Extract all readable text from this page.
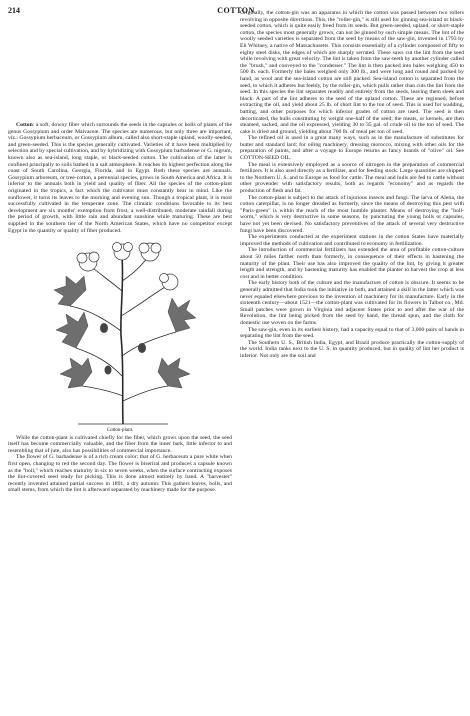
214	COTTON

Cotton: a soft, downy fiber which surrounds the seeds in the capsules or bolls of plants of the genus Gossypium and order Malvaceæ. The species are numerous, but only three are important, viz.: Gossypium herbaceum, or Gossypium album, called also short-staple upland, woolly-seeded, and green-seeded. This is the species generally cultivated. Varieties of it have been multiplied by selection and by special cultivation, and by hybridizing with Gossypium barbadense or G. nigrum, known also as sea-island, long staple, or black-seeded cotton. The cultivation of the latter is confined principally to soils bathed in a salt atmosphere. It reaches its highest perfection along the coast of South Carolina, Georgia, Florida, and in Egypt. Both these species are annuals. Gossypium arboreum, or tree-cotton, a perennial species, grows in South America and Africa. It is inferior to the annuals both in yield and quality of fiber. All the species of the cotton-plant originated in the tropics, a fact which the cultivator must constantly bear in mind. Like the sunflower, it turns its leaves to the morning and evening sun. Though a tropical plant, it is most successfully cultivated in the temperate zone. The climatic conditions favorable to its best development are six months' exemption from frost, a well-distributed, moderate rainfall during the period of growth, with little rain and abundant sunshine while maturing. These are best supplied in the southern tier of the North American States, which have no competitor except Egypt in the quantity or quality of fiber produced.

Cotton-plant.

While the cotton-plant is cultivated chiefly for the fiber, which grows upon the seed, the seed itself has become commercially valuable, and the fiber from the inner bark, little inferior to and resembling that of jute, also has possibilities of commercial importance.

The flower of G. barbadense is of a rich cream color; that of G. herbaceum a pure white when first open, changing to red the second day. The flower is biseriral and produces a capsule known as the "boll," which reaches maturity in six to seven weeks, when the surface contracting exposes the lint-covered seed ready for picking. This is done almost entirely by hand. A "harvester" recently invented attained partial success in 1891, a dry autumn. This gathers leaves, bolls, and small stems, from which the lint is afterward separated by machinery made for the purpose.

Originally, the cotton-gin was an apparatus in which the cotton was passed between two rollers revolving in opposite directions. This, the "roller-gin," is still used for ginning sea-island or black-seeded cotton, which is quite easily freed from its seeds. But green-seeded, upland, or short-staple cotton, the species most generally grown, can not be ginned by such simple means. The lint of the woolly seeded varieties is separated from the seed by means of the saw-gin, invented in 1793 by Eli Whitney, a native of Massachusetts. This consists essentially of a cylinder composed of fifty to eighty steel disks, the edges of which are sharply serrated. These saws cut the lint from the seed while revolving with great velocity. The lint is taken from the saw-teeth by another cylinder called the "brush," and conveyed to the "condenser." The lint is then packed into bales weighing 450 to 500 lb. each. Formerly the bales weighed only 300 lb., and were long and round and packed by hand, as wool and the sea-island cotton are still packed. Sea-island cotton is separated from the seed, to which it adheres but feebly, by the roller-gin, which pulls rather than cuts the lint from the seed. In this species the lint separates readily and entirely from the seeds, leaving them sleek and black. A part of the lint adheres to the seed of the upland cotton. These are reginned, before extracting the oil, and yield about 25 lb. of short lint to the ton of seed. This is used for wadding, batting, and other purposes for which inferior grades of cotton are used. The seed is then decorticated, the hulls constituting by weight one-half of the seed; the meats, or kernels, are then steamed, sacked, and the oil expressed, yielding 30 to 35 gal. of crude oil to the ton of seed. The cake is dried and ground, yielding about 700 lb. of meal per ton of seed.

The refined oil is used in a great many ways, such as in the manufacture of substitutes for butter and standard lard; for oiling machinery, dressing morocco, mixing with other oils for the preparation of paints, and after a voyage to Europe returns as fancy brands of "olive" oil. See COTTON-SEED OIL.

The meal is extensively employed as a source of nitrogen in the preparation of commercial fertilizers. It is also used directly as a fertilizer, and for feeding stock. Large quantities are shipped to the Northern U. S. and to Europe as food for cattle. The meal and hulls are fed to cattle without other provender with satisfactory results, both as regards "economy" and as regards the production of flesh and fat.

The cotton-plant is subject to the attack of injurious insects and fungi. The larva of Aletia, the cotton caterpillar, is no longer dreaded as formerly, since the means of destroying this pest with "Paris-green" is within the reach of the most humble planter. Means of destroying the "boll-worm," which is very destructive in some seasons, by puncturing the young bolls or capsules, have not yet been devised. No satisfactory preventives of the attack of several very destructive fungi have been discovered.

The experiments conducted at the experiment stations in the cotton States have materially improved the methods of cultivation and contributed to economy in fertilization.

The introduction of commercial fertilizers has extended the area of profitable cotton-culture about 50 miles farther north than formerly, in consequence of their effects in hastening the maturity of the plant. Their use has also improved the quality of the lint, by giving it greater length and strength, and by hastening maturity has enabled the planter to harvest the crop at less cost and in better condition.

The early history both of the culture and the manufacture of cotton is obscure. It seems to be generally admitted that India took the initiative in both, and attained a skill in the latter which was never equaled elsewhere previous to the invention of machinery for its manufacture. Early in the sixteenth century—about 1521—the cotton-plant was cultivated for its flowers in Talbot co., Md. Small patches were grown in Virginia and adjacent States prior to and after the war of the Revolution, the lint being picked from the seed by hand, the thread spun, and the cloth for domestic use woven on the farms.

The saw-gin, even in its earliest history, had a capacity equal to that of 3,000 pairs of hands in separating the lint from the seed.

The Southern U. S., British India, Egypt, and Brazil produce practically the cotton-supply of the world. India ranks next to the U. S. in quantity produced, but in quality of lint her product is inferior. Not only are the soil and
